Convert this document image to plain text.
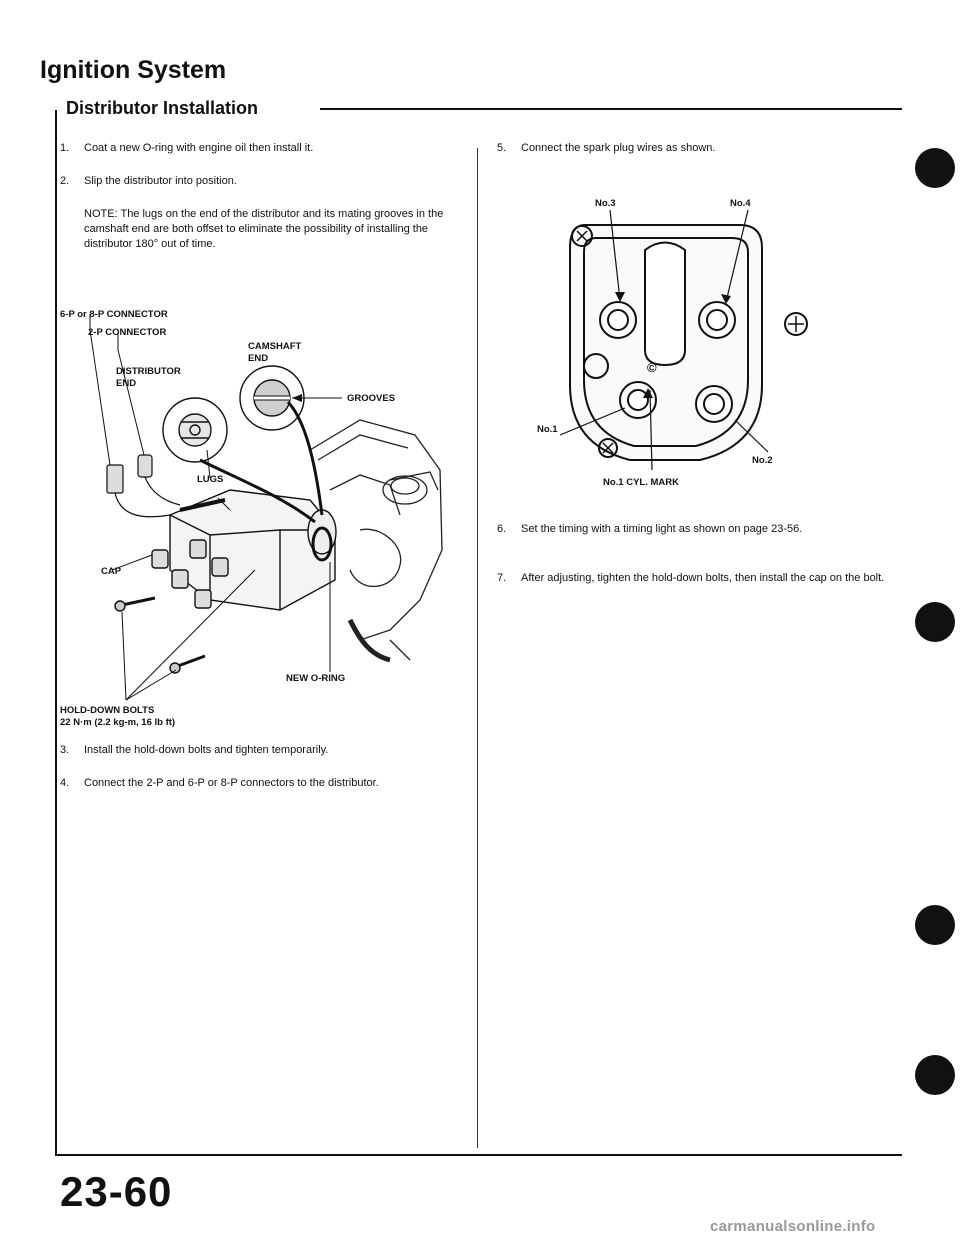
Ignition System
Distributor Installation
1. Coat a new O-ring with engine oil then install it.
2. Slip the distributor into position.
NOTE: The lugs on the end of the distributor and its mating grooves in the camshaft end are both offset to eliminate the possibility of installing the distributor 180° out of time.
6-P or 8-P CONNECTOR
2-P CONNECTOR
CAMSHAFT END
DISTRIBUTOR END
GROOVES
LUGS
CAP
NEW O-RING
HOLD-DOWN BOLTS
22 N·m (2.2 kg-m, 16 lb ft)
3. Install the hold-down bolts and tighten temporarily.
4. Connect the 2-P and 6-P or 8-P connectors to the distributor.
5. Connect the spark plug wires as shown.
No.3	No.4
No.1
No.2
©
No.1 CYL. MARK
6. Set the timing with a timing light as shown on page 23-56.
7. After adjusting, tighten the hold-down bolts, then install the cap on the bolt.
23-60
carmanualsonline.info
